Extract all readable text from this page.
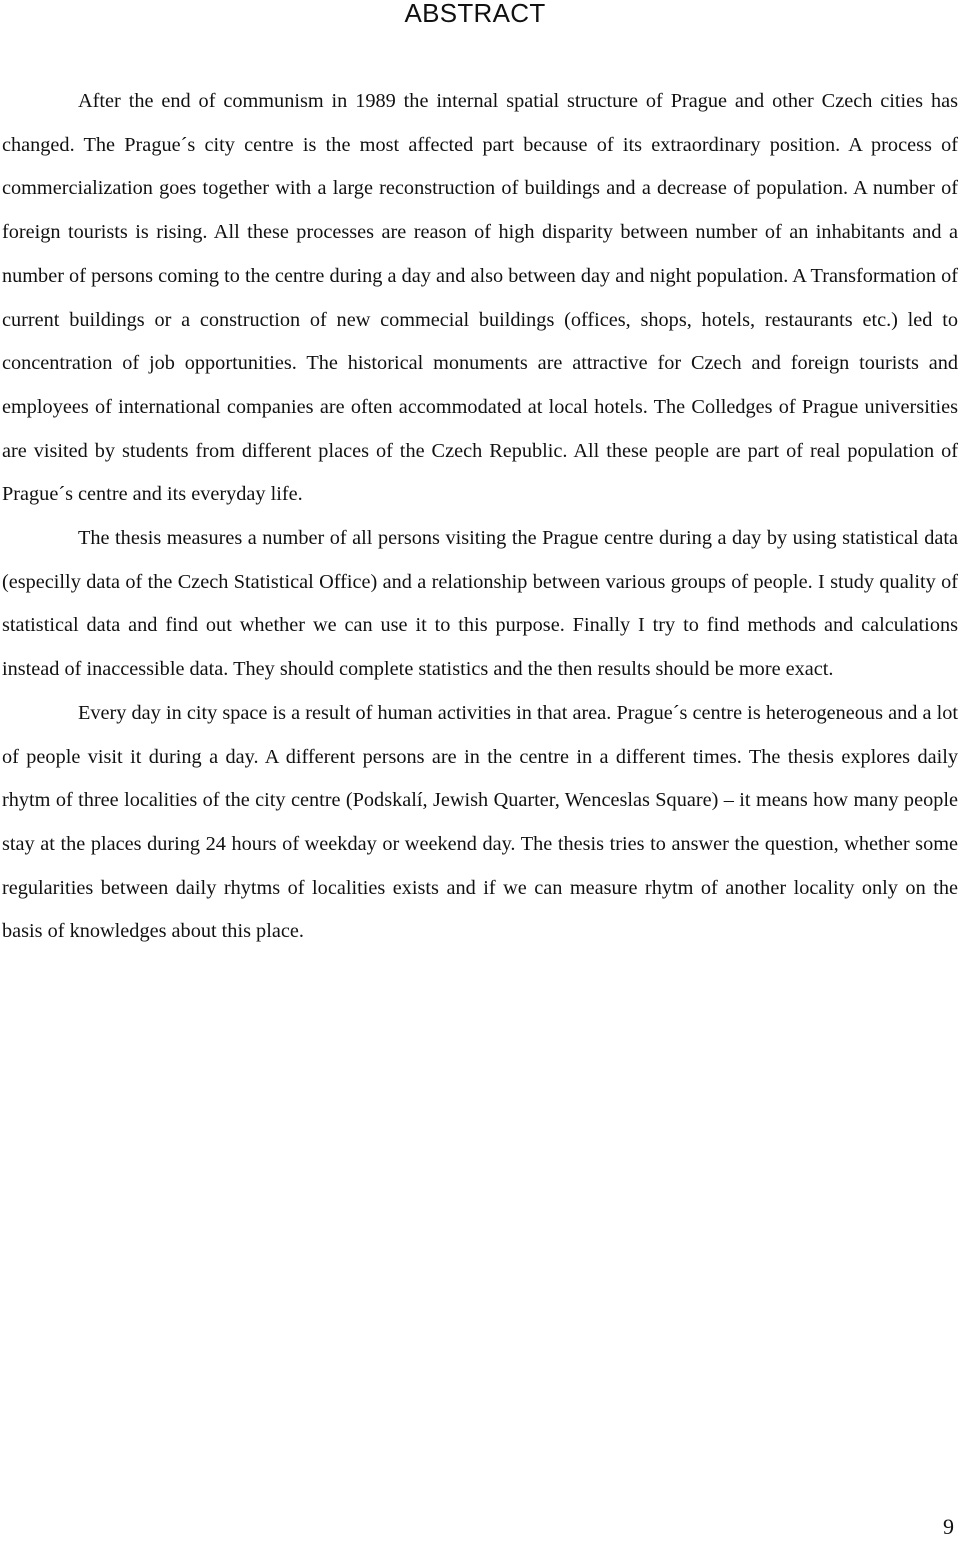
ABSTRACT

After the end of communism in 1989 the internal spatial structure of Prague and other Czech cities has changed. The Prague´s city centre is the most affected part because of its extraordinary position. A process of commercialization goes together with a large reconstruction of buildings and a decrease of population. A number of foreign tourists is rising. All these processes are reason of high disparity between number of an inhabitants and a number of persons coming to the centre during a day and also between day and night population. A Transformation of current buildings or a construction of new commecial buildings (offices, shops, hotels, restaurants etc.) led to concentration of job opportunities. The historical monuments are attractive for Czech and foreign tourists and employees of international companies are often accommodated at local hotels. The Colledges of Prague universities are visited by students from different places of the Czech Republic. All these people are part of real population of Prague´s centre and its everyday life.

The thesis measures a number of all persons visiting the Prague centre during a day by using statistical data (especilly data of the Czech Statistical Office) and a relationship between various groups of people. I study quality of statistical data and find out whether we can use it to this purpose. Finally I try to find methods and calculations instead of inaccessible data. They should complete statistics and the then results should be more exact.

Every day in city space is a result of human activities in that area. Prague´s centre is heterogeneous and a lot of people visit it during a day. A different persons are in the centre in a different times. The thesis explores daily rhytm of three localities of the city centre (Podskalí, Jewish Quarter, Wenceslas Square) – it means how many people stay at the places during 24 hours of weekday or weekend day. The thesis tries to answer the question, whether some regularities between daily rhytms of localities exists and if we can measure rhytm of another locality only on the basis of knowledges about this place.

9
